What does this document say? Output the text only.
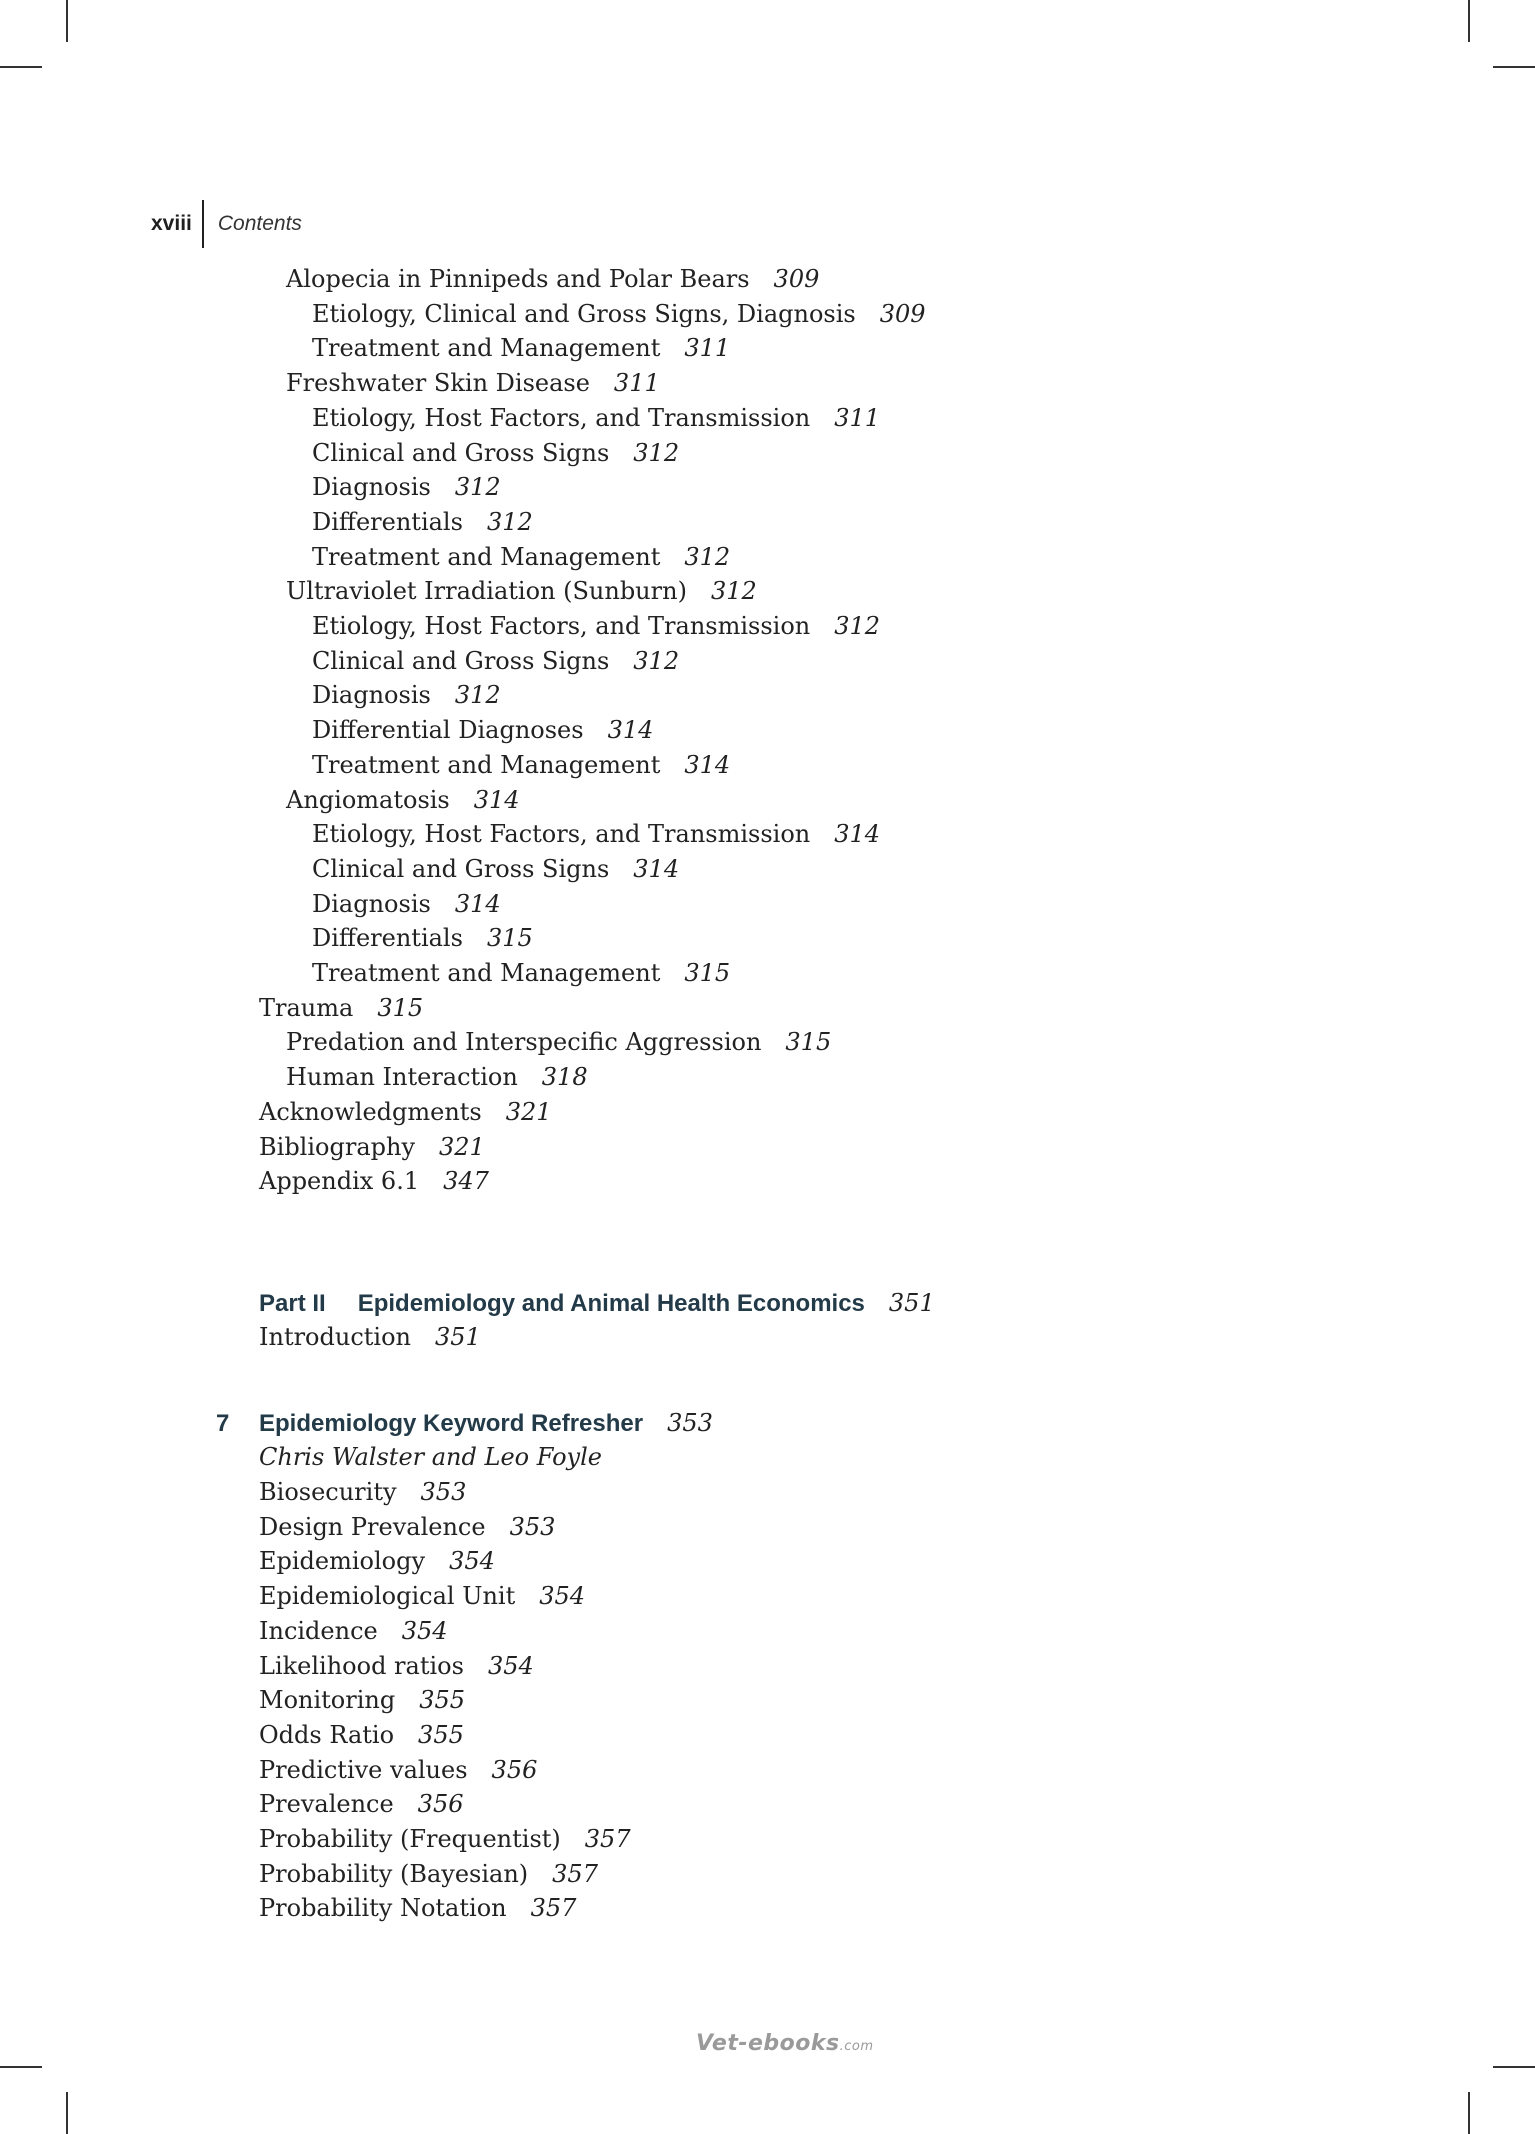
xviii Contents
Alopecia in Pinnipeds and Polar Bears 309
Etiology, Clinical and Gross Signs, Diagnosis 309
Treatment and Management 311
Freshwater Skin Disease 311
Etiology, Host Factors, and Transmission 311
Clinical and Gross Signs 312
Diagnosis 312
Differentials 312
Treatment and Management 312
Ultraviolet Irradiation (Sunburn) 312
Etiology, Host Factors, and Transmission 312
Clinical and Gross Signs 312
Diagnosis 312
Differential Diagnoses 314
Treatment and Management 314
Angiomatosis 314
Etiology, Host Factors, and Transmission 314
Clinical and Gross Signs 314
Diagnosis 314
Differentials 315
Treatment and Management 315
Trauma 315
Predation and Interspecific Aggression 315
Human Interaction 318
Acknowledgments 321
Bibliography 321
Appendix 6.1 347
Part II Epidemiology and Animal Health Economics 351
Introduction 351
7 Epidemiology Keyword Refresher 353
Chris Walster and Leo Foyle
Biosecurity 353
Design Prevalence 353
Epidemiology 354
Epidemiological Unit 354
Incidence 354
Likelihood ratios 354
Monitoring 355
Odds Ratio 355
Predictive values 356
Prevalence 356
Probability (Frequentist) 357
Probability (Bayesian) 357
Probability Notation 357
Vet-ebooks.com
